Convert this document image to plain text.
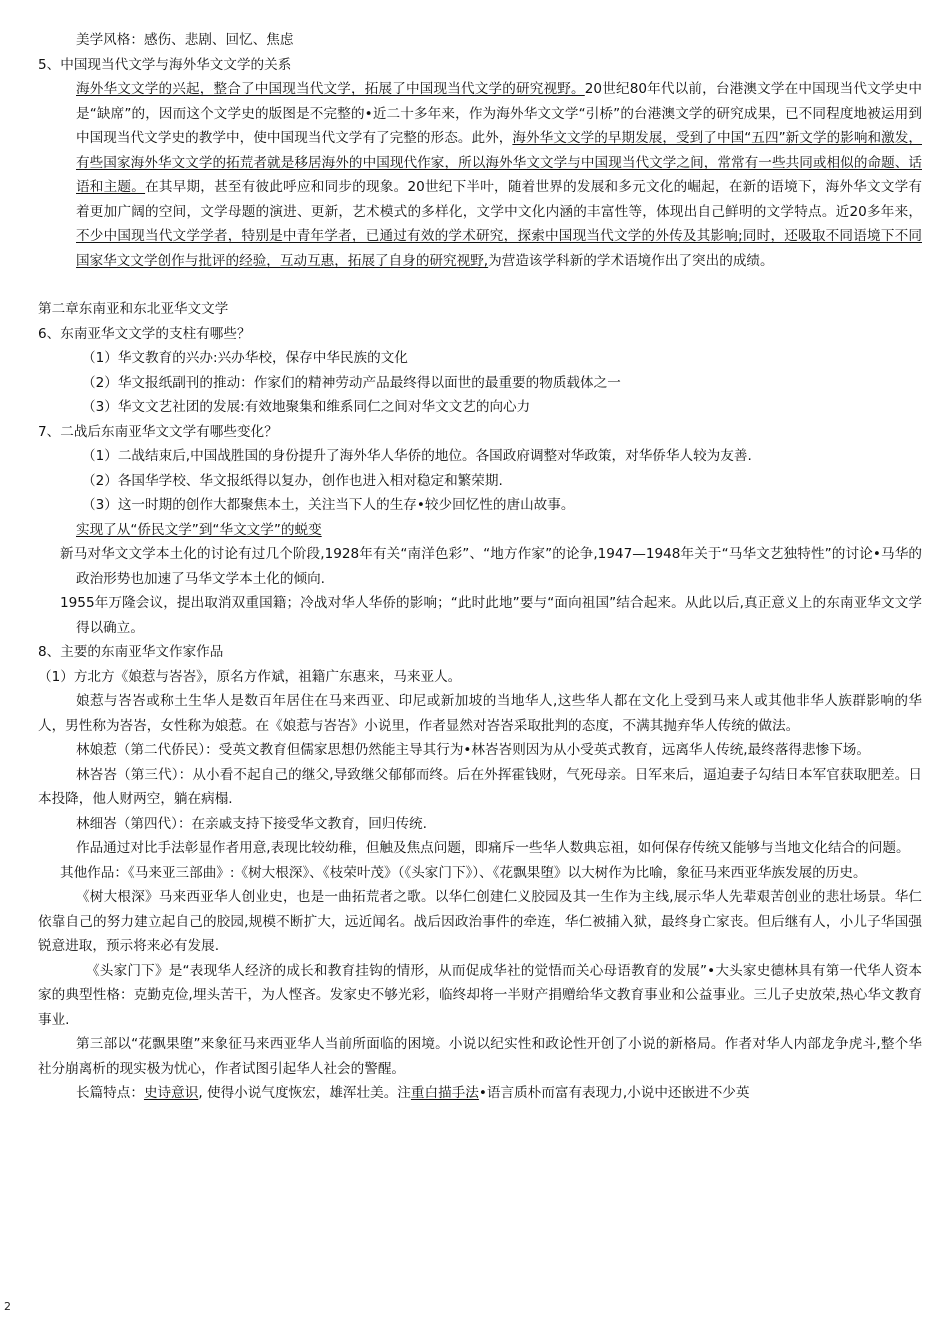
美学风格：感伤、悲剧、回忆、焦虑

5、中国现当代文学与海外华文文学的关系

海外华文文学的兴起，整合了中国现当代文学，拓展了中国现当代文学的研究视野。20世纪80年代以前，台港澳文学在中国现当代文学史中是“缺席”的，因而这个文学史的版图是不完整的•近二十多年来，作为海外华文文学“引桥”的台港澳文学的研究成果，已不同程度地被运用到中国现当代文学史的教学中，使中国现当代文学有了完整的形态。此外，海外华文文学的早期发展，受到了中国“五四”新文学的影响和激发，有些国家海外华文文学的拓荒者就是移居海外的中国现代作家，所以海外华文文学与中国现当代文学之间，常常有一些共同或相似的命题、话语和主题。在其早期，甚至有彼此呼应和同步的现象。20世纪下半叶，随着世界的发展和多元文化的崛起，在新的语境下，海外华文文学有着更加广阔的空间，文学母题的演进、更新，艺术模式的多样化，文学中文化内涵的丰富性等，体现出自己鲜明的文学特点。近20多年来，不少中国现当代文学学者，特别是中青年学者，已通过有效的学术研究，探索中国现当代文学的外传及其影响;同时，还吸取不同语境下不同国家华文文学创作与批评的经验，互动互惠，拓展了自身的研究视野,为营造该学科新的学术语境作出了突出的成绩。

第二章东南亚和东北亚华文文学

6、东南亚华文文学的支柱有哪些？

（1）华文教育的兴办:兴办华校，保存中华民族的文化

（2）华文报纸副刊的推动：作家们的精神劳动产品最终得以面世的最重要的物质载体之一

（3）华文文艺社团的发展:有效地聚集和维系同仁之间对华文文艺的向心力

7、二战后东南亚华文文学有哪些变化？

（1）二战结束后,中国战胜国的身份提升了海外华人华侨的地位。各国政府调整对华政策，对华侨华人较为友善.

（2）各国华学校、华文报纸得以复办，创作也进入相对稳定和繁荣期.

（3）这一时期的创作大都聚焦本土，关注当下人的生存•较少回忆性的唐山故事。

实现了从“侨民文学”到“华文文学”的蜕变

新马对华文文学本土化的讨论有过几个阶段,1928年有关“南洋色彩”、“地方作家”的论争,1947—1948年关于“马华文艺独特性”的讨论•马华的政治形势也加速了马华文学本土化的倾向.

1955年万隆会议，提出取消双重国籍；冷战对华人华侨的影响；“此时此地”要与“面向祖国”结合起来。从此以后,真正意义上的东南亚华文文学得以确立。

8、主要的东南亚华文作家作品

（1）方北方《娘惹与峇峇》，原名方作斌，祖籍广东惠来，马来亚人。

娘惹与峇峇或称土生华人是数百年居住在马来西亚、印尼或新加坡的当地华人,这些华人都在文化上受到马来人或其他非华人族群影响的华人，男性称为峇峇，女性称为娘惹。在《娘惹与峇峇》小说里，作者显然对峇峇采取批判的态度，不满其抛弃华人传统的做法。

林娘惹（第二代侨民）：受英文教育但儒家思想仍然能主导其行为•林峇峇则因为从小受英式教育，远离华人传统,最终落得悲惨下场。

林峇峇（第三代）：从小看不起自己的继父,导致继父郁郁而终。后在外挥霍钱财，气死母亲。日军来后，逼迫妻子勾结日本军官获取肥差。日本投降，他人财两空，躺在病榻.

林细峇（第四代）：在亲戚支持下接受华文教育，回归传统.

作品通过对比手法彰显作者用意,表现比较幼稚，但触及焦点问题，即痛斥一些华人数典忘祖，如何保存传统又能够与当地文化结合的问题。

其他作品：《马来亚三部曲》:《树大根深》、《枝荣叶茂》（《头家门下》）、《花飘果堕》以大树作为比喻，象征马来西亚华族发展的历史。

《树大根深》马来西亚华人创业史，也是一曲拓荒者之歌。以华仁创建仁义胶园及其一生作为主线,展示华人先辈艰苦创业的悲壮场景。华仁依靠自己的努力建立起自己的胶园,规模不断扩大，远近闻名。战后因政治事件的牵连，华仁被捕入狱，最终身亡家丧。但后继有人，小儿子华国强锐意进取，预示将来必有发展.

《头家门下》是“表现华人经济的成长和教育挂钩的情形，从而促成华社的觉悟而关心母语教育的发展”•大头家史德林具有第一代华人资本家的典型性格：克勤克俭,埋头苦干，为人悭吝。发家史不够光彩，临终却将一半财产捐赠给华文教育事业和公益事业。三儿子史放荣,热心华文教育事业.

第三部以“花飘果堕”来象征马来西亚华人当前所面临的困境。小说以纪实性和政论性开创了小说的新格局。作者对华人内部龙争虎斗,整个华社分崩离析的现实极为忧心，作者试图引起华人社会的警醒。

长篇特点：史诗意识, 使得小说气度恢宏，雄浑壮美。注重白描手法•语言质朴而富有表现力,小说中还嵌进不少英

2
